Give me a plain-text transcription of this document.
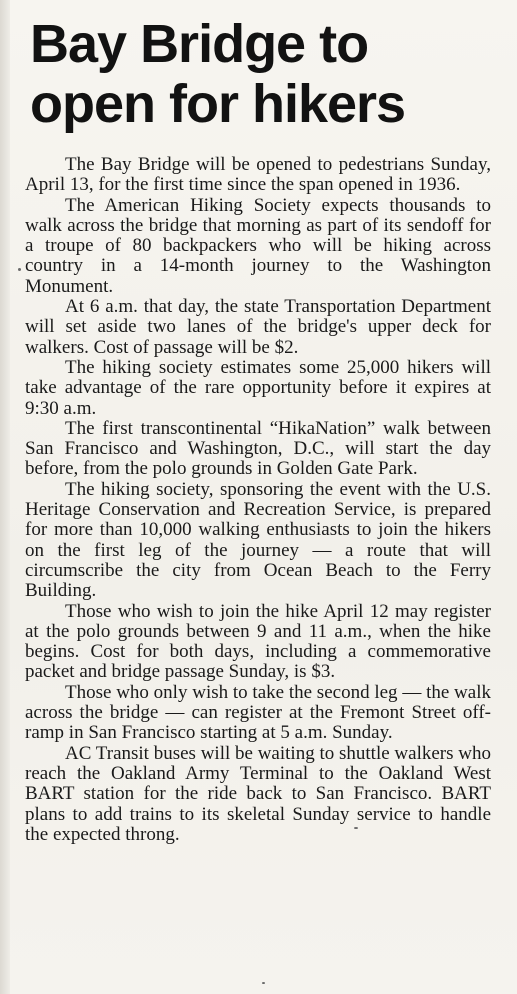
Bay Bridge to
open for hikers

The Bay Bridge will be opened to pedestrians Sunday, April 13, for the first time since the span opened in 1936.

The American Hiking Society expects thousands to walk across the bridge that morning as part of its sendoff for a troupe of 80 backpackers who will be hiking across country in a 14-month journey to the Washington Monument.

At 6 a.m. that day, the state Transportation Department will set aside two lanes of the bridge's upper deck for walkers. Cost of passage will be $2.

The hiking society estimates some 25,000 hikers will take advantage of the rare opportunity before it expires at 9:30 a.m.

The first transcontinental “HikaNation” walk between San Francisco and Washington, D.C., will start the day before, from the polo grounds in Golden Gate Park.

The hiking society, sponsoring the event with the U.S. Heritage Conservation and Recreation Service, is prepared for more than 10,000 walking enthusiasts to join the hikers on the first leg of the journey — a route that will circumscribe the city from Ocean Beach to the Ferry Building.

Those who wish to join the hike April 12 may register at the polo grounds between 9 and 11 a.m., when the hike begins. Cost for both days, including a commemorative packet and bridge passage Sunday, is $3.

Those who only wish to take the second leg — the walk across the bridge — can register at the Fremont Street off-ramp in San Francisco starting at 5 a.m. Sunday.

AC Transit buses will be waiting to shuttle walkers who reach the Oakland Army Terminal to the Oakland West BART station for the ride back to San Francisco. BART plans to add trains to its skeletal Sunday service to handle the expected throng.
